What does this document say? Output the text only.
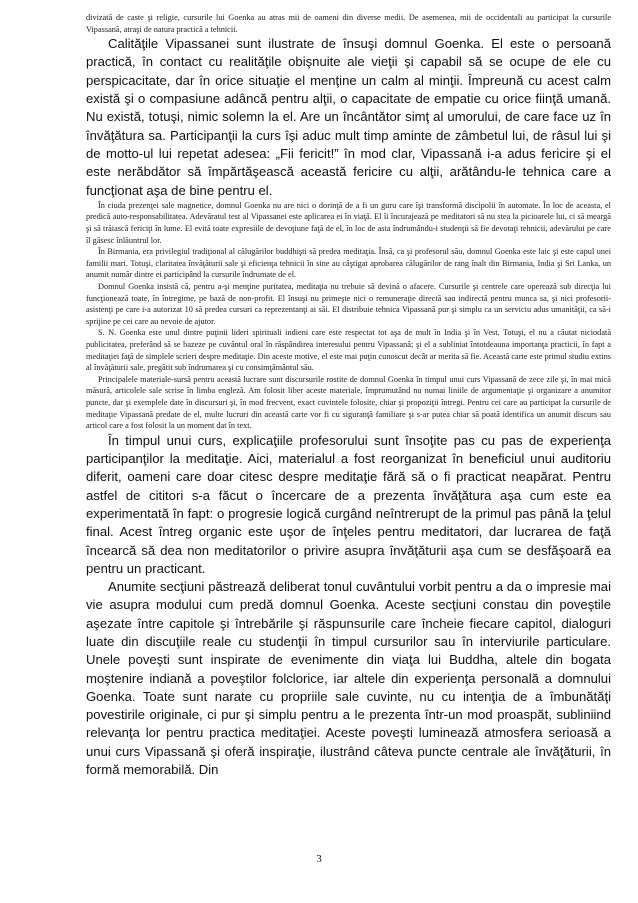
divizată de caste şi religie, cursurile lui Goenka au atras mii de oameni din diverse medii. De asemenea, mii de occidentali au participat la cursurile Vipassană, atraşi de natura practică a tehnicii.

Calităţile Vipassanei sunt ilustrate de însuşi domnul Goenka. El este o persoană practică, în contact cu realităţile obişnuite ale vieţii şi capabil să se ocupe de ele cu perspicacitate, dar în orice situaţie el menţine un calm al minţii. Împreună cu acest calm există şi o compasiune adâncă pentru alţii, o capacitate de empatie cu orice fiinţă umană. Nu există, totuşi, nimic solemn la el. Are un încântător simţ al umorului, de care face uz în învăţătura sa. Participanţii la curs îşi aduc mult timp aminte de zâmbetul lui, de râsul lui şi de motto-ul lui repetat adesea: „Fii fericit!” în mod clar, Vipassană i-a adus fericire şi el este nerăbdător să împărtăşească această fericire cu alţii, arătându-le tehnica care a funcţionat aşa de bine pentru el.

În ciuda prezenţei sale magnetice, domnul Goenka nu are nici o dorinţă de a fi un guru care îşi transformă discipolii în automate. În loc de aceasta, el predică auto-responsabilitatea. Adevăratul test al Vipassanei este aplicarea ei în viaţă. El îi încurajează pe meditatori să nu stea la picioarele lui, ci să meargă şi să trăiască fericiţi în lume. El evită toate expresiile de devoţiune faţă de el, în loc de asta îndrumându-i studenţii să fie devotaţi tehnicii, adevărului pe care îl găsesc înlăuntrul lor.

În Birmania, era privilegiul tradiţional al călugărilor buddhişti să predea meditaţia. Însă, ca şi profesorul său, domnul Goenka este laic şi este capul unei familii mari. Totuşi, claritatea învăţăturii sale şi eficienţa tehnicii în sine au câştigat aprobarea călugărilor de rang înalt din Birmania, India şi Sri Lanka, un anumit număr dintre ei participând la cursurile îndrumate de el.

Domnul Goenka insistă că, pentru a-şi menţine puritatea, meditaţia nu trebuie să devină o afacere. Cursurile şi centrele care operează sub direcţia lui funcţionează toate, în întregime, pe bază de non-profit. El însuşi nu primeşte nici o remuneraţie directă sau indirectă pentru munca sa, şi nici profesorii-asistenţi pe care i-a autorizat 10 să predea cursuri ca reprezentanţi ai săi. El distribuie tehnica Vipassană pur şi simplu ca un serviciu adus umanităţii, ca să-i sprijine pe cei care au nevoie de ajutor.

S. N. Goenka este unul dintre puţinii lideri spirituali indieni care este respectat tot aşa de mult în India şi în Vest. Totuşi, el nu a căutat niciodată publicitatea, preferând să se bazeze pe cuvântul oral în răspândirea interesului pentru Vipassană; şi el a subliniat întotdeauna importanţa practicii, în fapt a meditaţiei faţă de simplele scrieri despre meditaţie. Din aceste motive, el este mai puţin cunoscut decât ar merita să fie. Această carte este primul studiu extins al învăţăturii sale, pregătit sub îndrumarea şi cu consimţământul său.

Principalele materiale-sursă pentru această lucrare sunt discursurile rostite de domnul Goenka în timpul unui curs Vipassană de zece zile şi, în mai mică măsură, articolele sale scrise în limba engleză. Am folosit liber aceste materiale, împrumutând nu numai liniile de argumentaţie şi organizare a anumitor puncte, dar şi exemplele date în discursuri şi, în mod frecvent, exact cuvintele folosite, chiar şi propoziţii întregi. Pentru cei care au participat la cursurile de meditaţie Vipassană predate de el, multe lucruri din această carte vor fi cu siguranţă familiare şi s-ar putea chiar să poată identifica un anumit discurs sau articol care a fost folosit la un moment dat în text.

În timpul unui curs, explicaţiile profesorului sunt însoţite pas cu pas de experienţa participanţilor la meditaţie. Aici, materialul a fost reorganizat în beneficiul unui auditoriu diferit, oameni care doar citesc despre meditaţie fără să o fi practicat neapărat. Pentru astfel de cititori s-a făcut o încercare de a prezenta învăţătura aşa cum este ea experimentată în fapt: o progresie logică curgând neîntrerupt de la primul pas până la ţelul final. Acest întreg organic este uşor de înţeles pentru meditatori, dar lucrarea de faţă încearcă să dea non meditatorilor o privire asupra învăţăturii aşa cum se desfăşoară ea pentru un practicant.

Anumite secţiuni păstrează deliberat tonul cuvântului vorbit pentru a da o impresie mai vie asupra modului cum predă domnul Goenka. Aceste secţiuni constau din poveştile aşezate între capitole şi întrebările şi răspunsurile care încheie fiecare capitol, dialoguri luate din discuţiile reale cu studenţii în timpul cursurilor sau în interviurile particulare. Unele poveşti sunt inspirate de evenimente din viaţa lui Buddha, altele din bogata moştenire indiană a poveştilor folclorice, iar altele din experienţa personală a domnului Goenka. Toate sunt narate cu propriile sale cuvinte, nu cu intenţia de a îmbunătăţi povestirile originale, ci pur şi simplu pentru a le prezenta într-un mod proaspăt, subliniind relevanţa lor pentru practica meditaţiei. Aceste poveşti luminează atmosfera serioasă a unui curs Vipassană şi oferă inspiraţie, ilustrând câteva puncte centrale ale învăţăturii, în formă memorabilă. Din

3
